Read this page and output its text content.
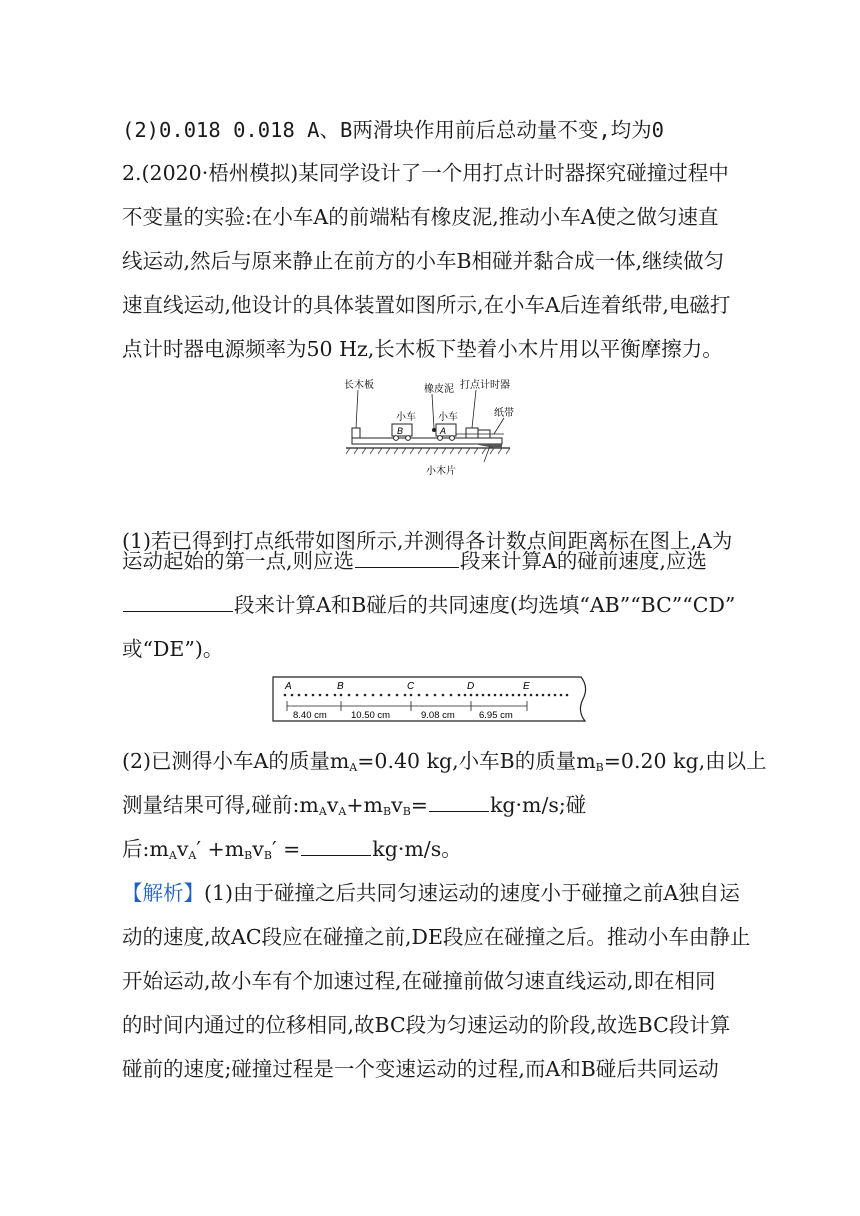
(2)0.018 0.018 A、B两滑块作用前后总动量不变,均为0
2.(2020·梧州模拟)某同学设计了一个用打点计时器探究碰撞过程中
不变量的实验:在小车A的前端粘有橡皮泥,推动小车A使之做匀速直
线运动,然后与原来静止在前方的小车B相碰并黏合成一体,继续做匀
速直线运动,他设计的具体装置如图所示,在小车A后连着纸带,电磁打
点计时器电源频率为50 Hz,长木板下垫着小木片用以平衡摩擦力。
B	A
长木板	橡皮泥 打点计时器
小车 小车	纸带
小木片
(1)若已得到打点纸带如图所示,并测得各计数点间距离标在图上,A为
运动起始的第一点,则应选	段来计算A的碰前速度,应选
段来计算A和B碰后的共同速度(均选填“AB”“BC”“CD”
或“DE”)。
A	B	C	D	E
8.40 cm	10.50 cm	9.08 cm	6.95 cm
(2)已测得小车A的质量$m_A=0.40$ kg,小车B的质量$m_B=0.20$ kg,由以上
测量结果可得,碰前$:m_Av_A+m_Bv_B=$	kg·m/s;碰
后$:m_Av_A' +m_Bv_B'$ =	kg·m/s。
【解析】(1)由于碰撞之后共同匀速运动的速度小于碰撞之前A独自运
动的速度,故AC段应在碰撞之前,DE段应在碰撞之后。推动小车由静止
开始运动,故小车有个加速过程,在碰撞前做匀速直线运动,即在相同
的时间内通过的位移相同,故BC段为匀速运动的阶段,故选BC段计算
碰前的速度;碰撞过程是一个变速运动的过程,而A和B碰后共同运动
